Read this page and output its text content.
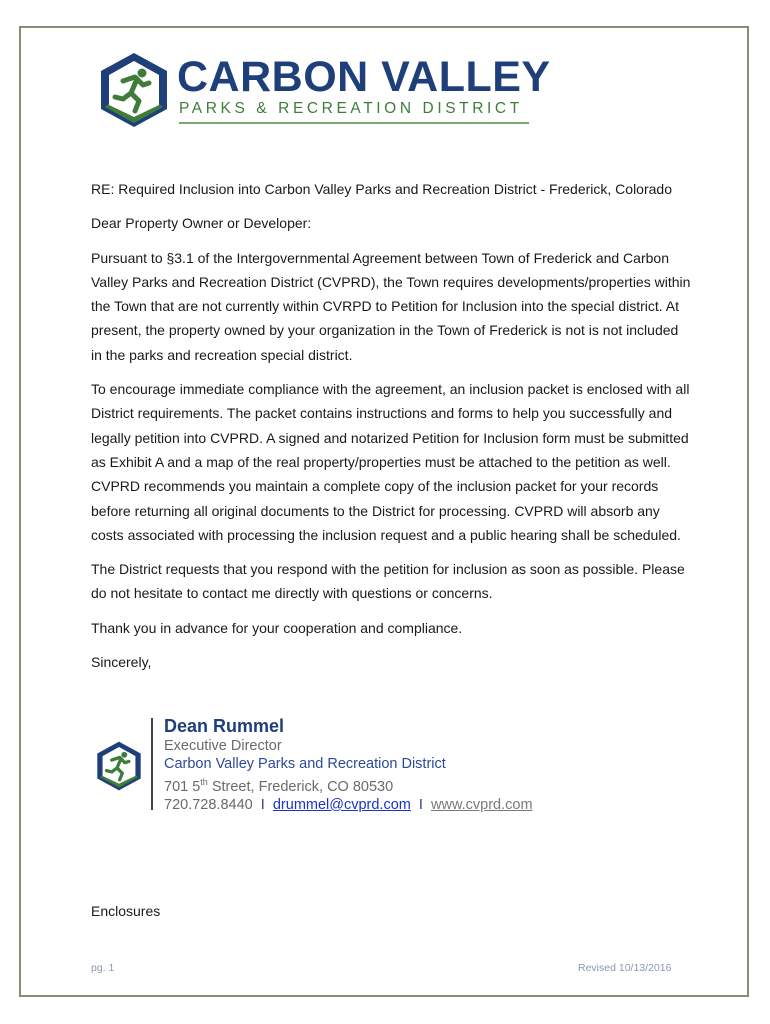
CARBON VALLEY
PARKS & RECREATION DISTRICT

RE: Required Inclusion into Carbon Valley Parks and Recreation District - Frederick, Colorado

Dear Property Owner or Developer:

Pursuant to §3.1 of the Intergovernmental Agreement between Town of Frederick and Carbon Valley Parks and Recreation District (CVPRD), the Town requires developments/properties within the Town that are not currently within CVRPD to Petition for Inclusion into the special district. At present, the property owned by your organization in the Town of Frederick is not is not included in the parks and recreation special district.

To encourage immediate compliance with the agreement, an inclusion packet is enclosed with all District requirements. The packet contains instructions and forms to help you successfully and legally petition into CVPRD. A signed and notarized Petition for Inclusion form must be submitted as Exhibit A and a map of the real property/properties must be attached to the petition as well. CVPRD recommends you maintain a complete copy of the inclusion packet for your records before returning all original documents to the District for processing. CVPRD will absorb any costs associated with processing the inclusion request and a public hearing shall be scheduled.

The District requests that you respond with the petition for inclusion as soon as possible. Please do not hesitate to contact me directly with questions or concerns.

Thank you in advance for your cooperation and compliance.

Sincerely,

Dean Rummel
Executive Director
Carbon Valley Parks and Recreation District
701 5th Street, Frederick, CO 80530
720.728.8440 I drummel@cvprd.com I www.cvprd.com
Enclosures
pg. 1	Revised 10/13/2016
